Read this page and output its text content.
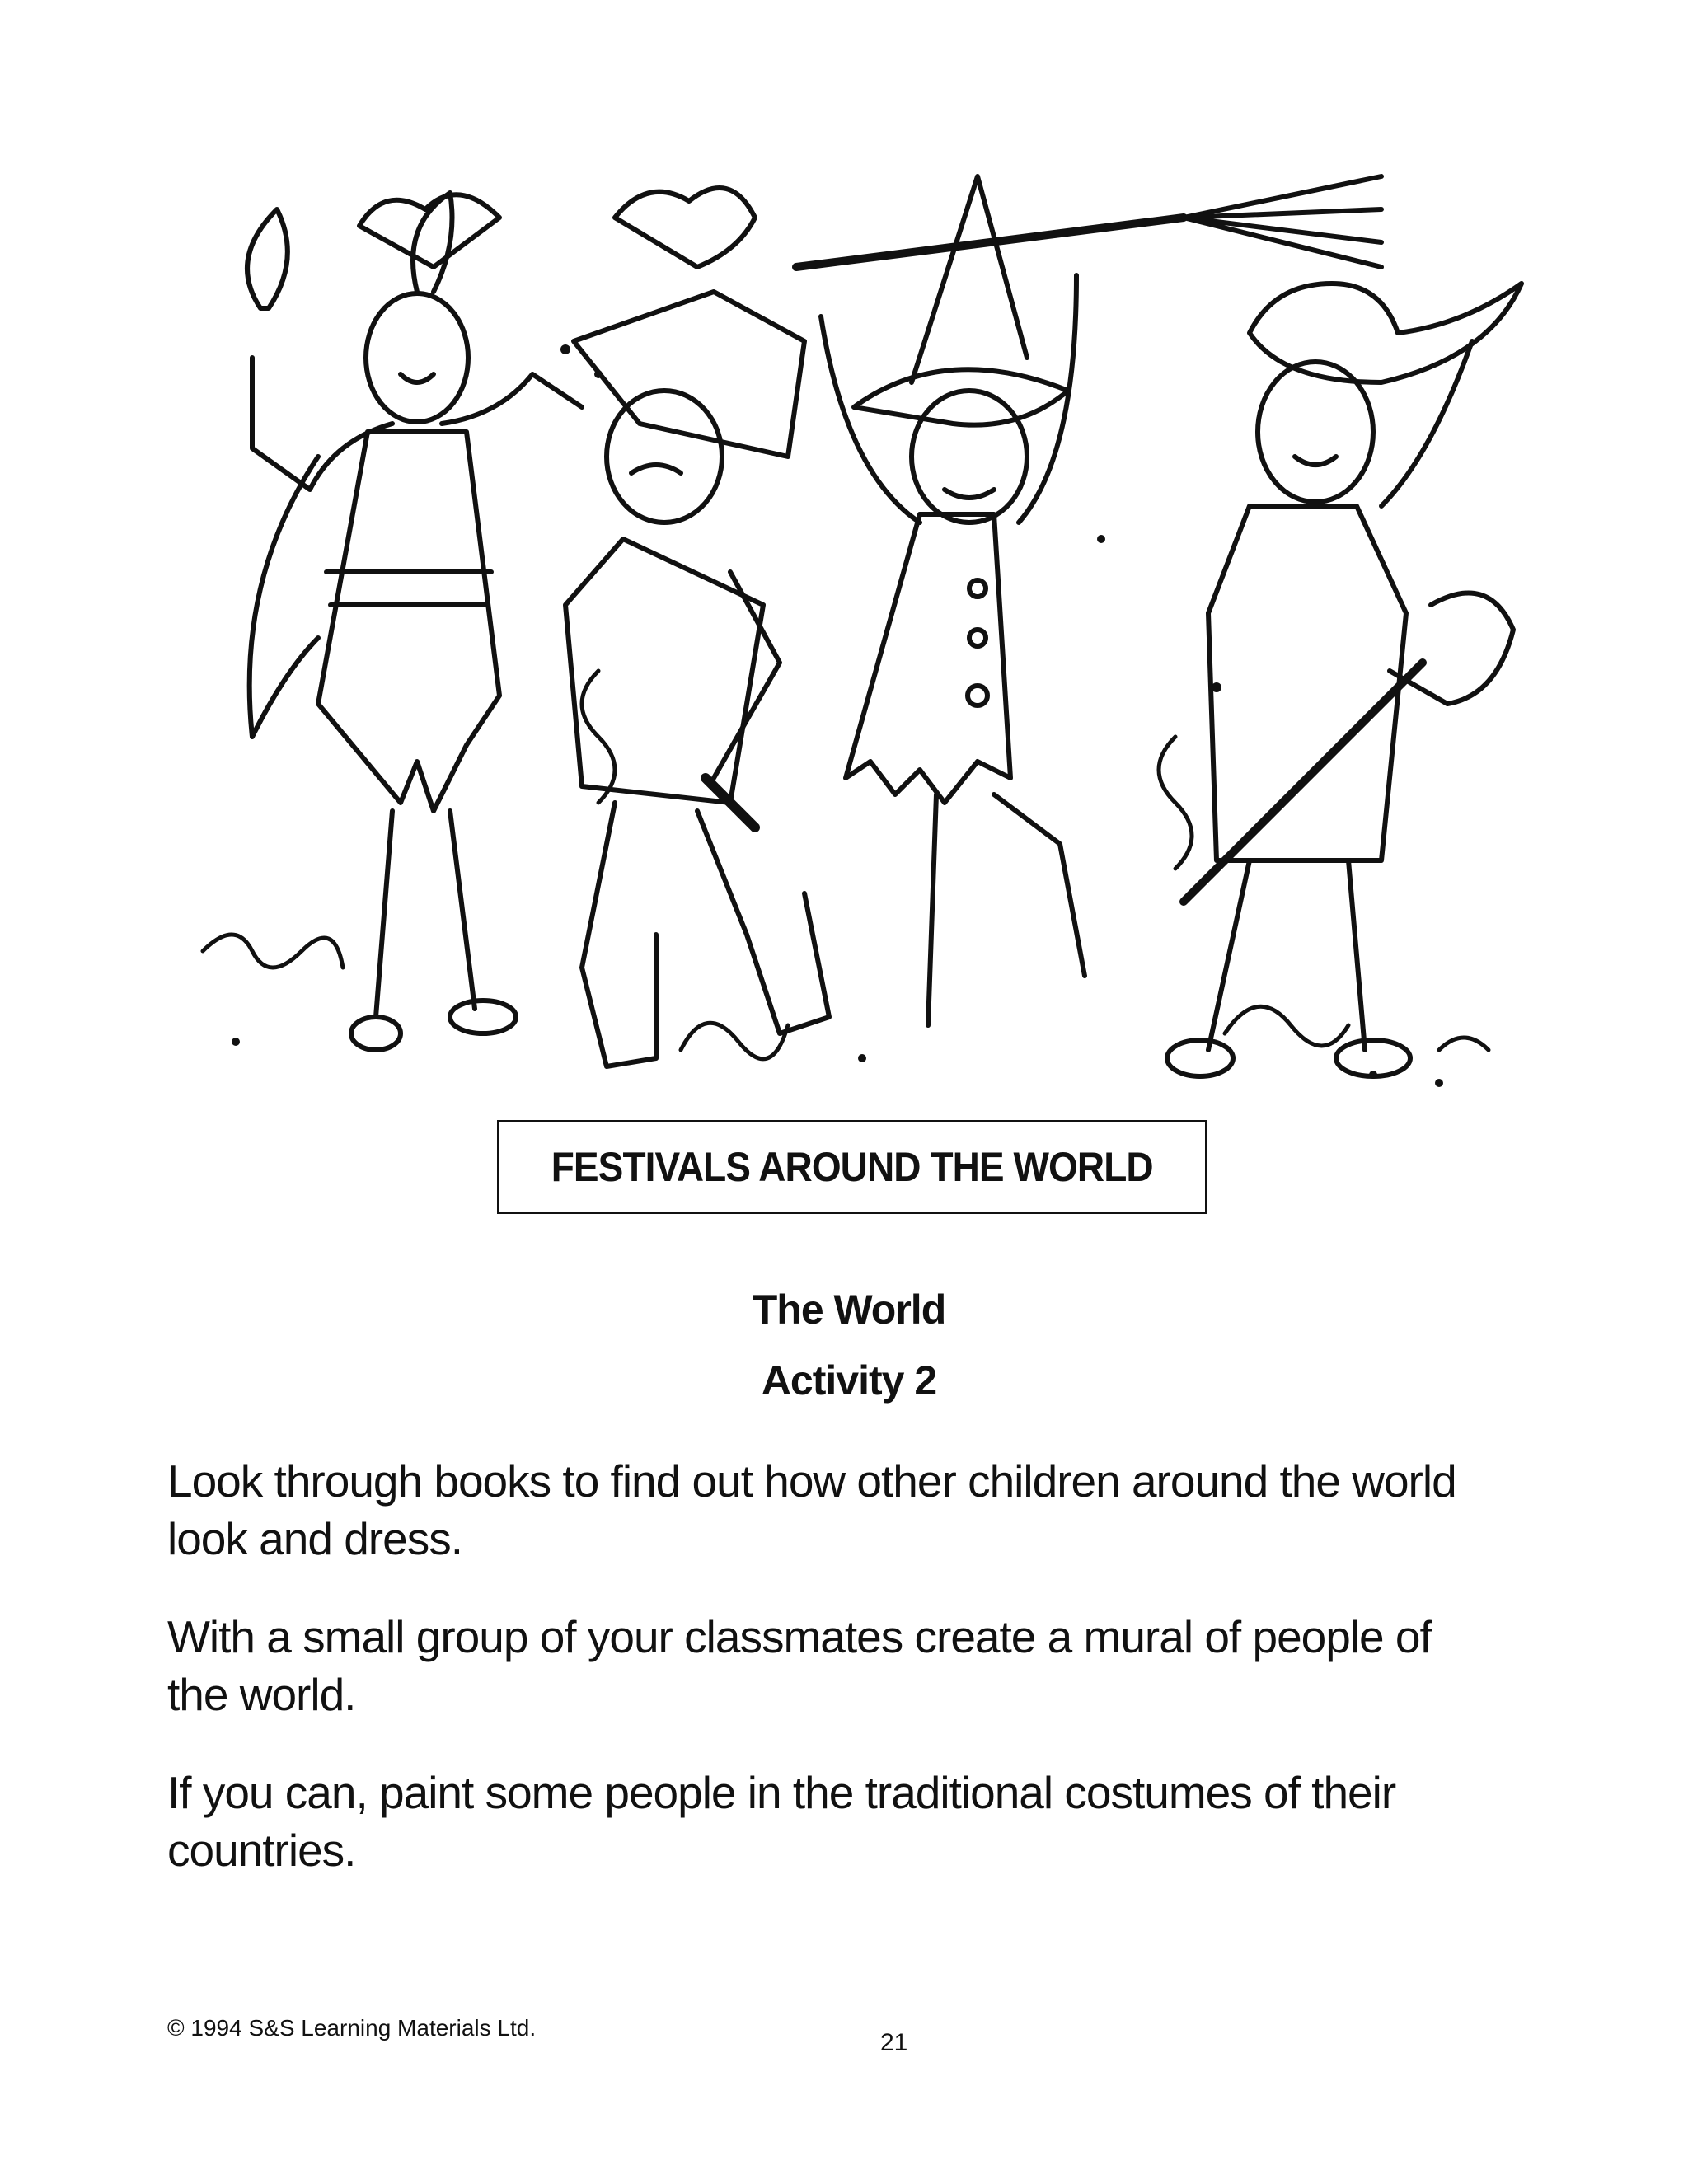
FESTIVALS AROUND THE WORLD
The World
Activity 2
Look through books to find out how other children around the world look and dress.
With a small group of your classmates create a mural of people of the world.
If you can, paint some people in the traditional costumes of their countries.
© 1994 S&S Learning Materials Ltd.
21
